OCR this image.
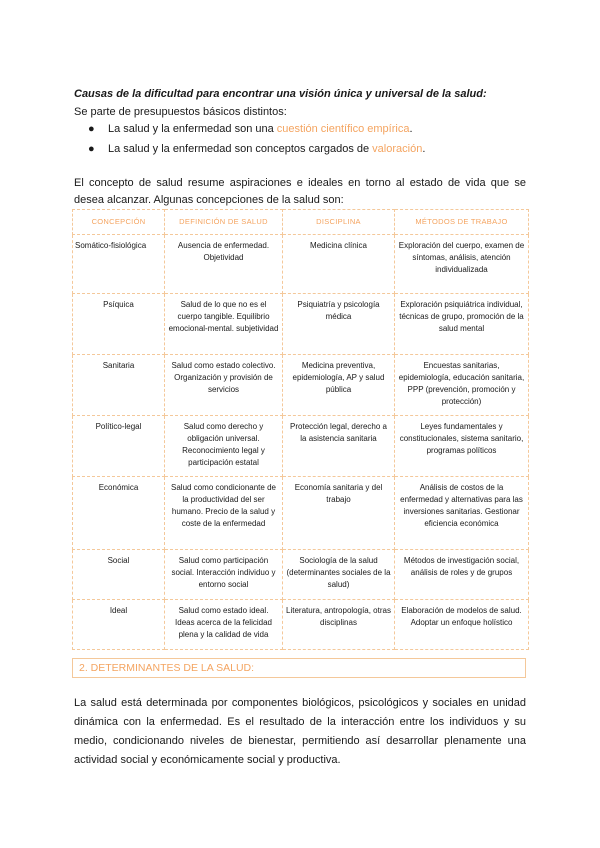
Causas de la dificultad para encontrar una visión única y universal de la salud:
Se parte de presupuestos básicos distintos:
● La salud y la enfermedad son una cuestión científico empírica.
● La salud y la enfermedad son conceptos cargados de valoración.
El concepto de salud resume aspiraciones e ideales en torno al estado de vida que se desea alcanzar. Algunas concepciones de la salud son:
CONCEPCIÓN	DEFINICIÓN DE SALUD	DISCIPLINA	MÉTODOS DE TRABAJO
Somático-fisiológica	Ausencia de enfermedad. Objetividad	Medicina clínica	Exploración del cuerpo, examen de síntomas, análisis, atención individualizada
Psíquica	Salud de lo que no es el cuerpo tangible. Equilibrio emocional-mental. subjetividad	Psiquiatría y psicología médica	Exploración psiquiátrica individual, técnicas de grupo, promoción de la salud mental
Sanitaria	Salud como estado colectivo. Organización y provisión de servicios	Medicina preventiva, epidemiología, AP y salud pública	Encuestas sanitarias, epidemiología, educación sanitaria, PPP (prevención, promoción y protección)
Político-legal	Salud como derecho y obligación universal. Reconocimiento legal y participación estatal	Protección legal, derecho a la asistencia sanitaria	Leyes fundamentales y constitucionales, sistema sanitario, programas políticos
Económica	Salud como condicionante de la productividad del ser humano. Precio de la salud y coste de la enfermedad	Economía sanitaria y del trabajo	Análisis de costos de la enfermedad y alternativas para las inversiones sanitarias. Gestionar eficiencia económica
Social	Salud como participación social. Interacción individuo y entorno social	Sociología de la salud (determinantes sociales de la salud)	Métodos de investigación social, análisis de roles y de grupos
Ideal	Salud como estado ideal. Ideas acerca de la felicidad plena y la calidad de vida	Literatura, antropología, otras disciplinas	Elaboración de modelos de salud. Adoptar un enfoque holístico
2. DETERMINANTES DE LA SALUD:
La salud está determinada por componentes biológicos, psicológicos y sociales en unidad dinámica con la enfermedad. Es el resultado de la interacción entre los individuos y su medio, condicionando niveles de bienestar, permitiendo así desarrollar plenamente una actividad social y económicamente social y productiva.
